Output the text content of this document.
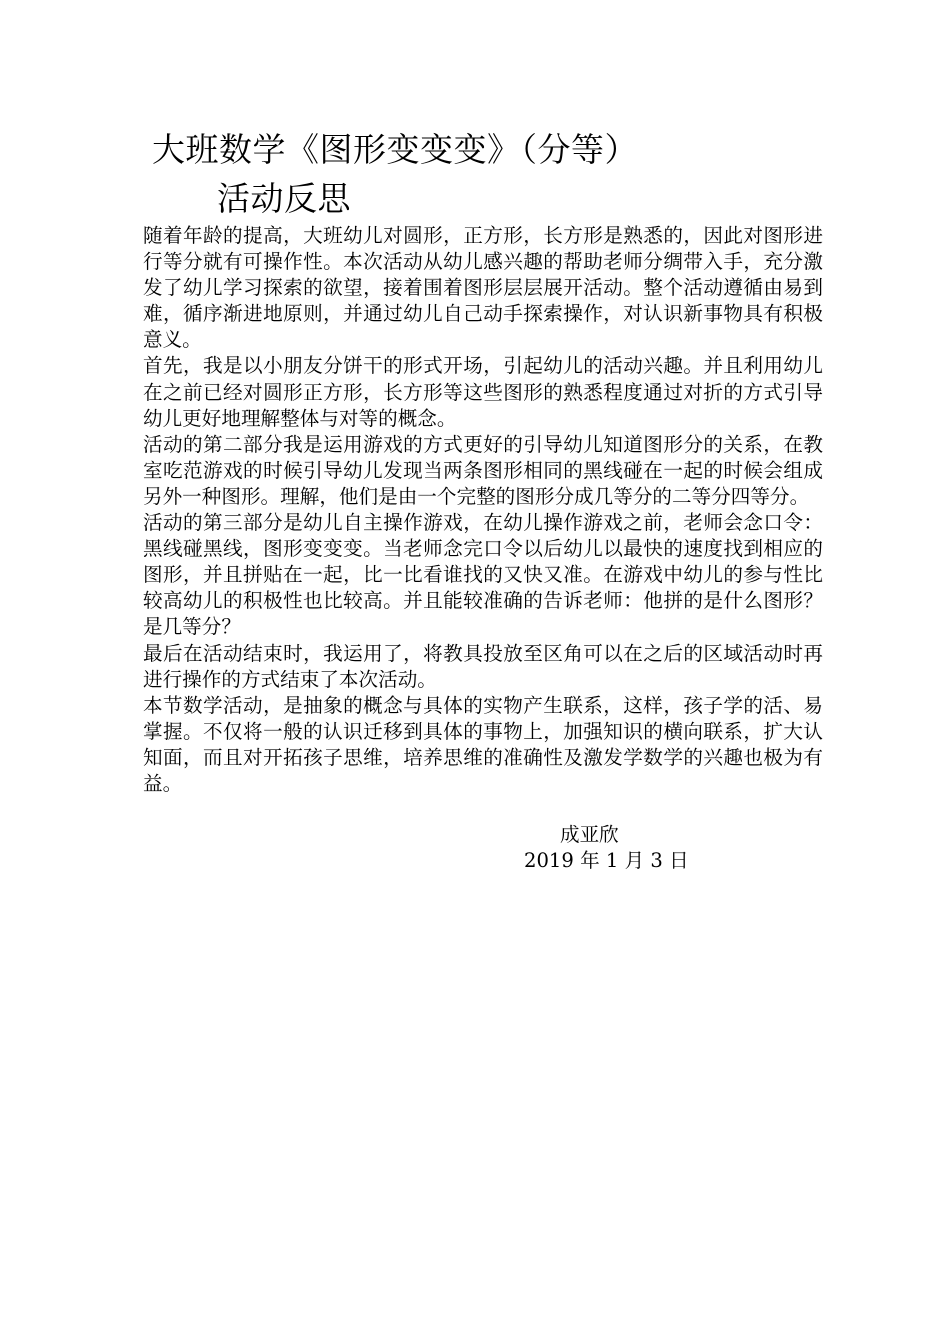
大班数学《图形变变变》（分等）
活动反思

随着年龄的提高，大班幼儿对圆形，正方形，长方形是熟悉的，因此对图形进行等分就有可操作性。本次活动从幼儿感兴趣的帮助老师分绸带入手，充分激发了幼儿学习探索的欲望，接着围着图形层层展开活动。整个活动遵循由易到难，循序渐进地原则，并通过幼儿自己动手探索操作，对认识新事物具有积极意义。

首先，我是以小朋友分饼干的形式开场，引起幼儿的活动兴趣。并且利用幼儿在之前已经对圆形正方形，长方形等这些图形的熟悉程度通过对折的方式引导幼儿更好地理解整体与对等的概念。

活动的第二部分我是运用游戏的方式更好的引导幼儿知道图形分的关系，在教室吃范游戏的时候引导幼儿发现当两条图形相同的黑线碰在一起的时候会组成另外一种图形。理解，他们是由一个完整的图形分成几等分的二等分四等分。

活动的第三部分是幼儿自主操作游戏，在幼儿操作游戏之前，老师会念口令：黑线碰黑线，图形变变变。当老师念完口令以后幼儿以最快的速度找到相应的图形，并且拼贴在一起，比一比看谁找的又快又准。在游戏中幼儿的参与性比较高幼儿的积极性也比较高。并且能较准确的告诉老师：他拼的是什么图形？是几等分？

最后在活动结束时，我运用了，将教具投放至区角可以在之后的区域活动时再进行操作的方式结束了本次活动。

本节数学活动，是抽象的概念与具体的实物产生联系，这样，孩子学的活、易掌握。不仅将一般的认识迁移到具体的事物上，加强知识的横向联系，扩大认知面，而且对开拓孩子思维，培养思维的准确性及激发学数学的兴趣也极为有益。

成亚欣
2019 年 1 月 3 日
